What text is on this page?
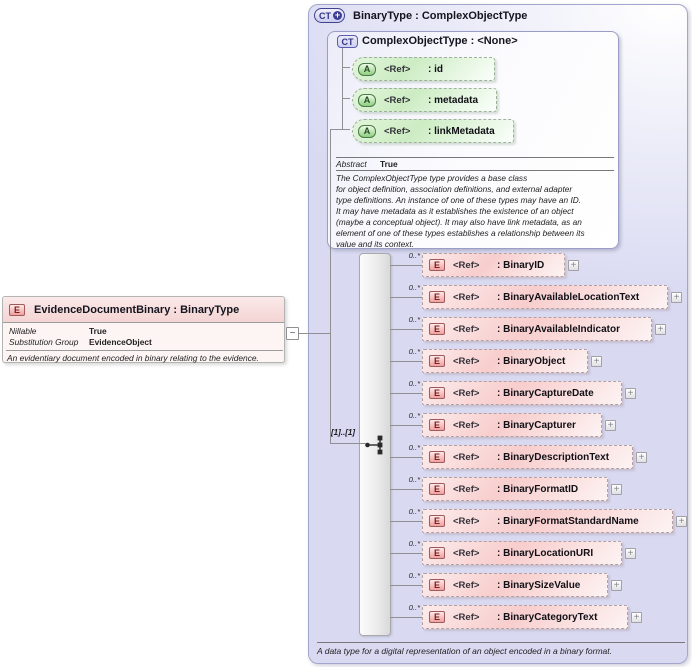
CT + BinaryType : ComplexObjectType
CT ComplexObjectType : <None>
A	<Ref>	: id
A	<Ref>	: metadata
A	<Ref>	: linkMetadata
Abstract True
The ComplexObjectType type provides a base class
for object definition, association definitions, and external adapter
type definitions. An instance of one of these types may have an ID.
It may have metadata as it establishes the existence of an object
(maybe a conceptual object). It may also have link metadata, as an
element of one of these types establishes a relationship between its
value and its context.
[1]..[1]
A data type for a digital representation of an object encoded in a binary format.
0..*
E	<Ref>	: BinaryID	+
0..*
E	<Ref>	: BinaryAvailableLocationText	+
0..*
E	<Ref>	: BinaryAvailableIndicator	+
0..*
E	<Ref>	: BinaryObject	+
0..*
E	<Ref>	: BinaryCaptureDate	+
0..*
E	<Ref>	: BinaryCapturer	+
0..*
E	<Ref>	: BinaryDescriptionText	+
0..*
E	<Ref>	: BinaryFormatID	+
0..*
E	<Ref>	: BinaryFormatStandardName	+
0..*
E	<Ref>	: BinaryLocationURI	+
0..*
E	<Ref>	: BinarySizeValue	+
0..*
E	<Ref>	: BinaryCategoryText	+
E	EvidenceDocumentBinary : BinaryType
Nillable	True
Substitution Group EvidenceObject
An evidentiary document encoded in binary relating to the evidence.
−
